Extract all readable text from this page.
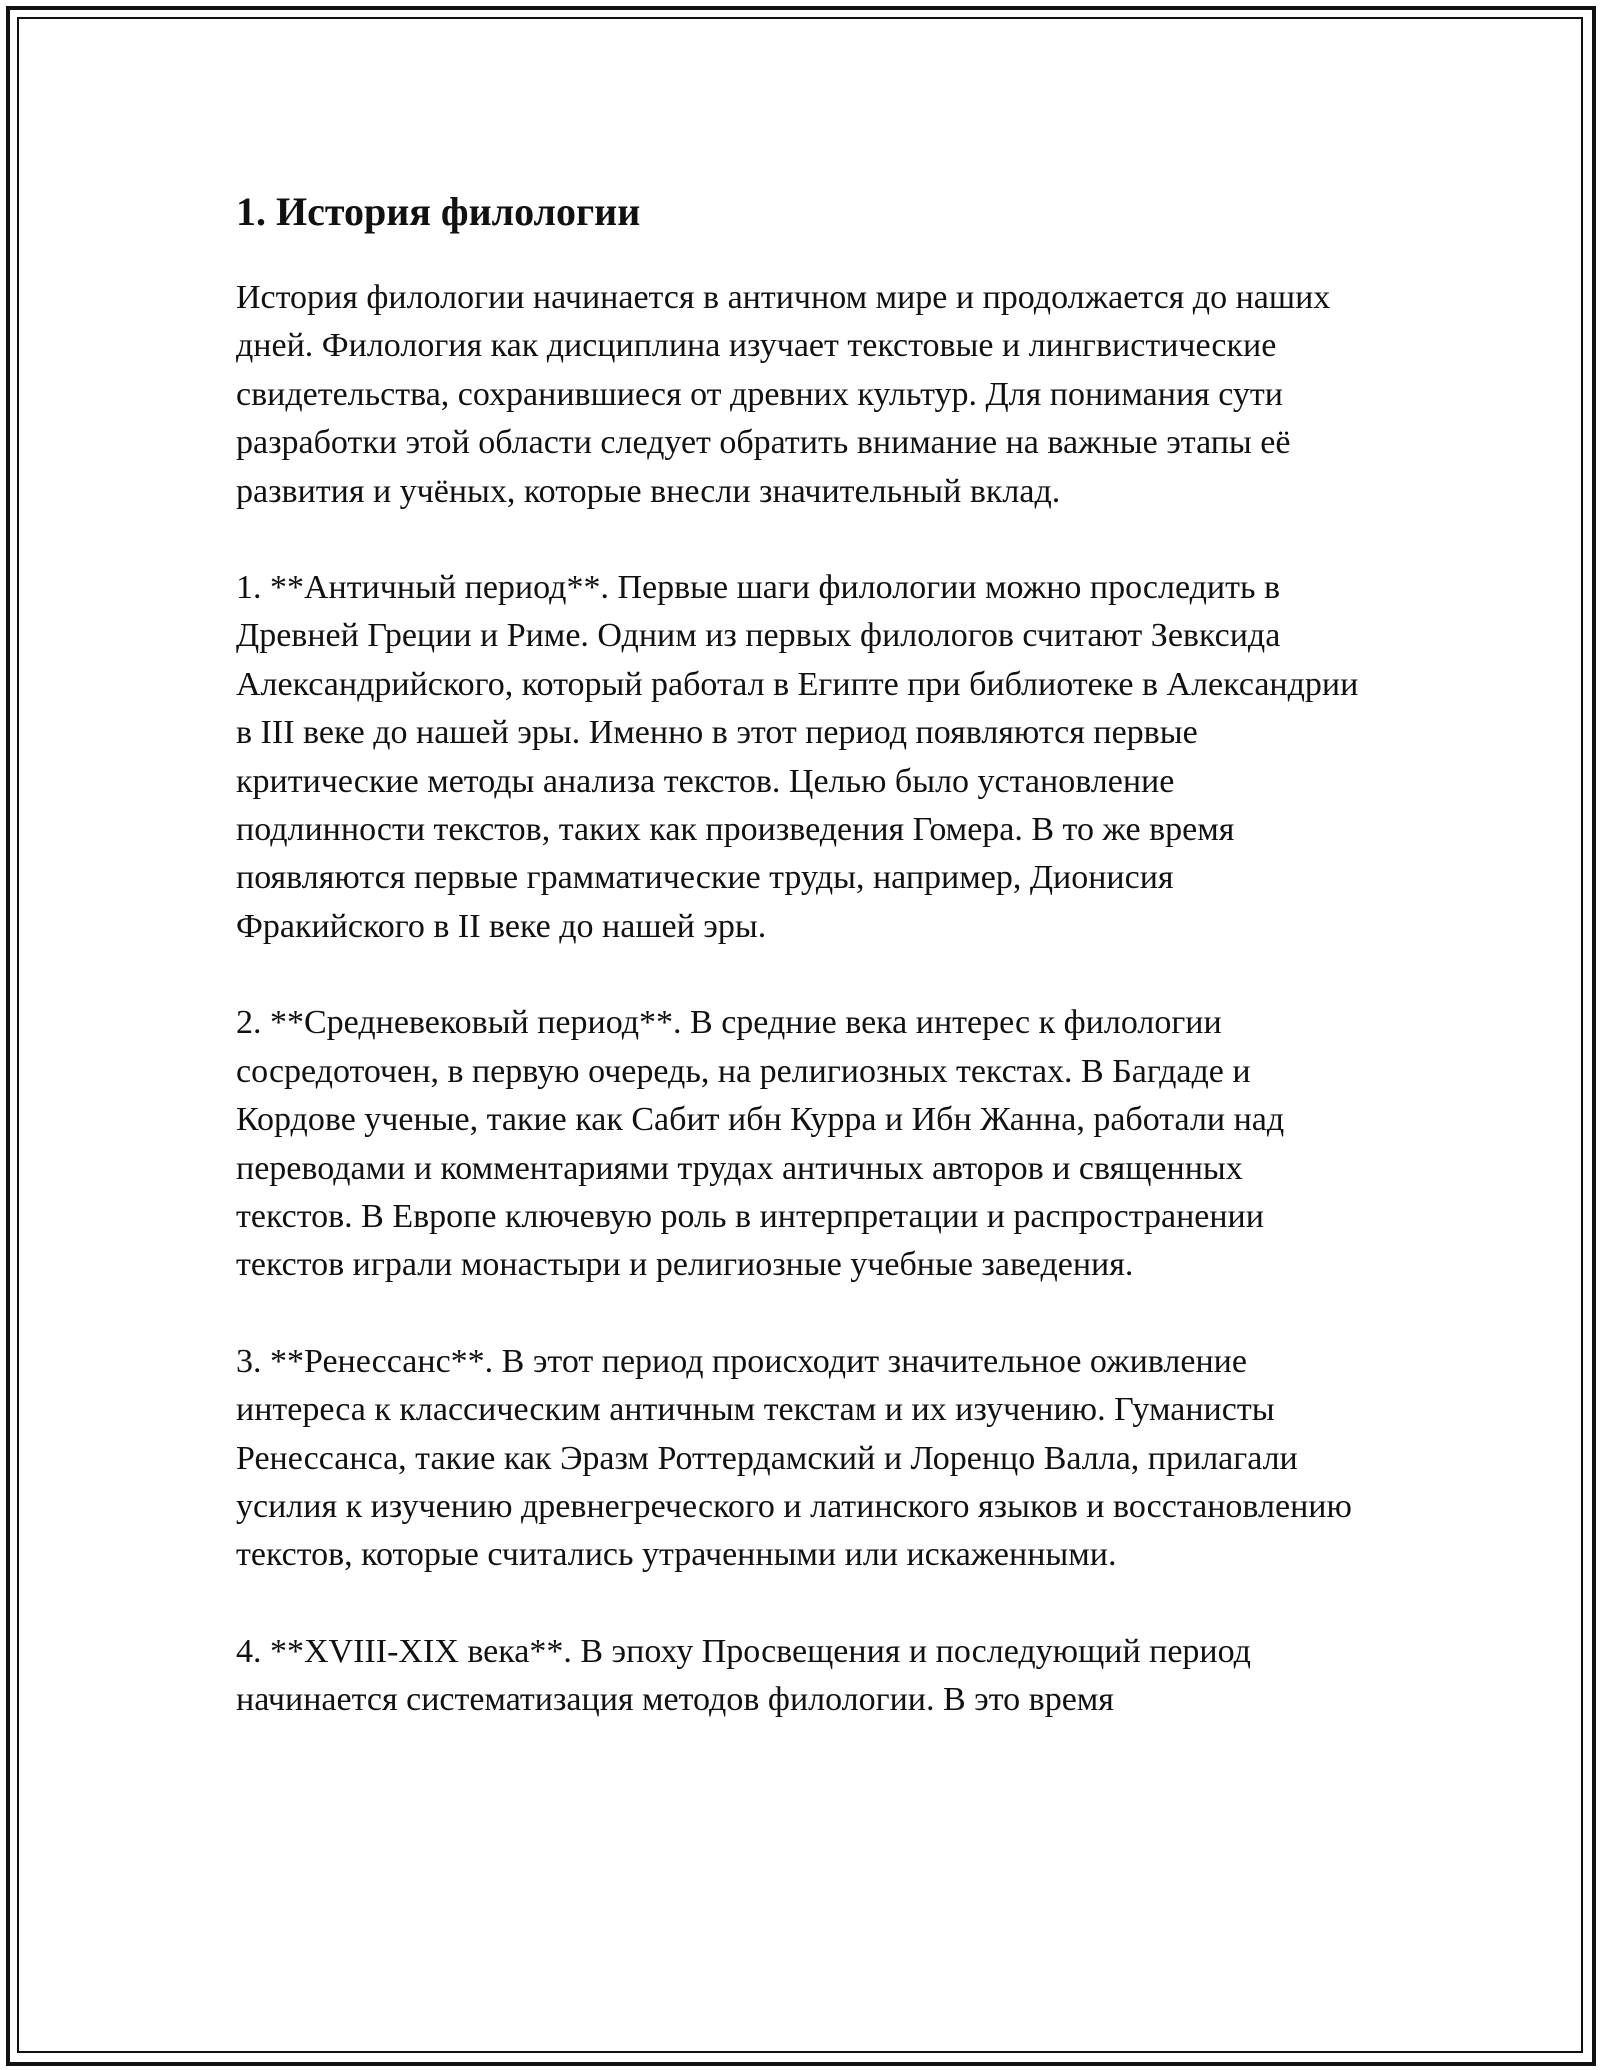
1. История филологии

История филологии начинается в античном мире и продолжается до наших дней. Филология как дисциплина изучает текстовые и лингвистические свидетельства, сохранившиеся от древних культур. Для понимания сути разработки этой области следует обратить внимание на важные этапы её развития и учёных, которые внесли значительный вклад.

1. **Античный период**. Первые шаги филологии можно проследить в Древней Греции и Риме. Одним из первых филологов считают Зевксида Александрийского, который работал в Египте при библиотеке в Александрии в III веке до нашей эры. Именно в этот период появляются первые критические методы анализа текстов. Целью было установление подлинности текстов, таких как произведения Гомера. В то же время появляются первые грамматические труды, например, Дионисия Фракийского в II веке до нашей эры.

2. **Средневековый период**. В средние века интерес к филологии сосредоточен, в первую очередь, на религиозных текстах. В Багдаде и Кордове ученые, такие как Сабит ибн Курра и Ибн Жанна, работали над переводами и комментариями трудах античных авторов и священных текстов. В Европе ключевую роль в интерпретации и распространении текстов играли монастыри и религиозные учебные заведения.

3. **Ренессанс**. В этот период происходит значительное оживление интереса к классическим античным текстам и их изучению. Гуманисты Ренессанса, такие как Эразм Роттердамский и Лоренцо Валла, прилагали усилия к изучению древнегреческого и латинского языков и восстановлению текстов, которые считались утраченными или искаженными.

4. **XVIII-XIX века**. В эпоху Просвещения и последующий период начинается систематизация методов филологии. В это время
